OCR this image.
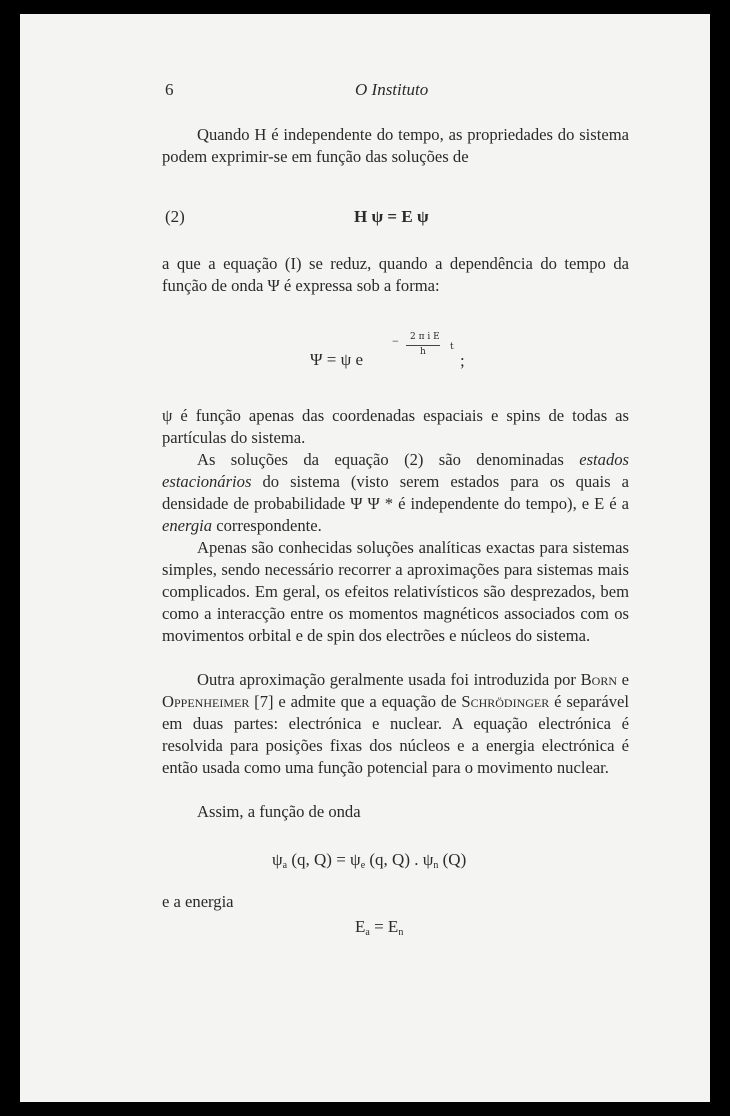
6	O Instituto

Quando H é independente do tempo, as propriedades do sistema podem exprimir-se em função das soluções de

(2)	H ψ = E ψ

a que a equação (I) se reduz, quando a dependência do tempo da função de onda Ψ é expressa sob a forma:

Ψ = ψ e
− 2 π i E
h	t
;

ψ é função apenas das coordenadas espaciais e spins de todas as partículas do sistema.

As soluções da equação (2) são denominadas estados estacionários do sistema (visto serem estados para os quais a densidade de probabilidade Ψ Ψ * é independente do tempo), e E é a energia correspondente.

Apenas são conhecidas soluções analíticas exactas para sistemas simples, sendo necessário recorrer a aproximações para sistemas mais complicados. Em geral, os efeitos relativísticos são desprezados, bem como a interacção entre os momentos magnéticos associados com os movimentos orbital e de spin dos electrões e núcleos do sistema.

Outra aproximação geralmente usada foi introduzida por Born e Oppenheimer [7] e admite que a equação de Schrödinger é separável em duas partes: electrónica e nuclear. A equação electrónica é resolvida para posições fixas dos núcleos e a energia electrónica é então usada como uma função potencial para o movimento nuclear.

Assim, a função de onda

$\psi_a$ (q, $Q) = \psi_e$ (q, Q) . $\psi_n$ (Q)

e a energia

$E_a = E_n$
